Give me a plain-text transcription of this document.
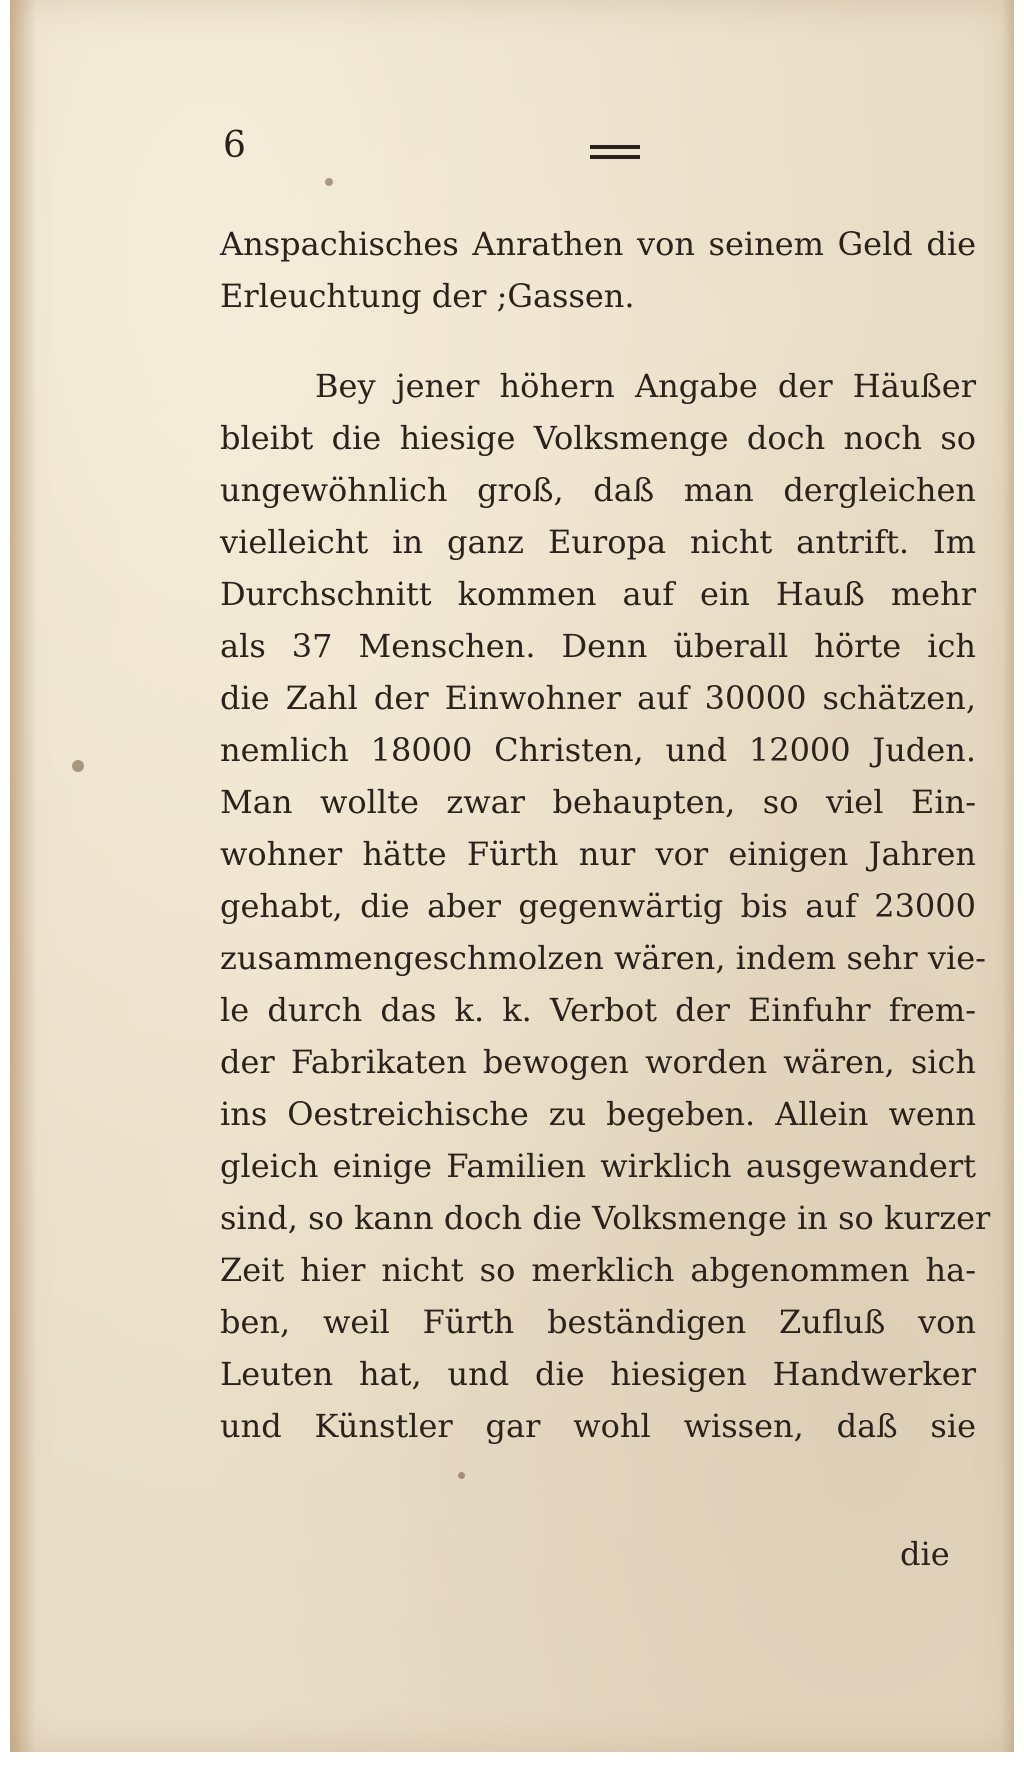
6
Anspachisches Anrathen von seinem Geld die
Erleuchtung der ;Gassen.
Bey jener höhern Angabe der Häußer
bleibt die hiesige Volksmenge doch noch so
ungewöhnlich groß, daß man dergleichen
vielleicht in ganz Europa nicht antrift. Im
Durchschnitt kommen auf ein Hauß mehr
als 37 Menschen. Denn überall hörte ich
die Zahl der Einwohner auf 30000 schätzen,
nemlich 18000 Christen, und 12000 Juden.
Man wollte zwar behaupten, so viel Ein-
wohner hätte Fürth nur vor einigen Jahren
gehabt, die aber gegenwärtig bis auf 23000
zusammengeschmolzen wären, indem sehr vie-
le durch das k. k. Verbot der Einfuhr frem-
der Fabrikaten bewogen worden wären, sich
ins Oestreichische zu begeben. Allein wenn
gleich einige Familien wirklich ausgewandert
sind, so kann doch die Volksmenge in so kurzer
Zeit hier nicht so merklich abgenommen ha-
ben, weil Fürth beständigen Zufluß von
Leuten hat, und die hiesigen Handwerker
und Künstler gar wohl wissen, daß sie
die
